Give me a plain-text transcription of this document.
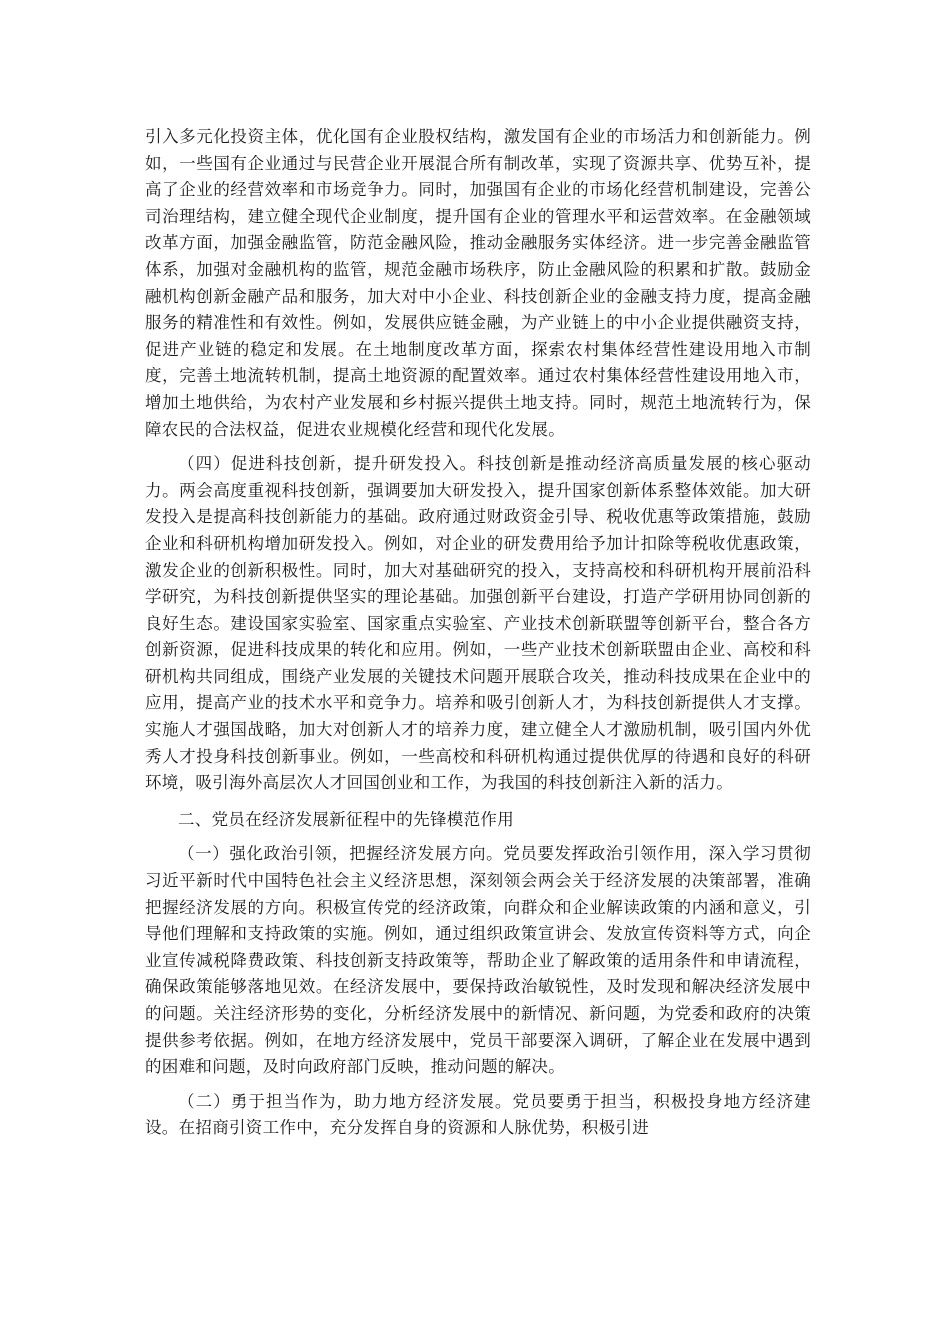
引入多元化投资主体，优化国有企业股权结构，激发国有企业的市场活力和创新能力。例如，一些国有企业通过与民营企业开展混合所有制改革，实现了资源共享、优势互补，提高了企业的经营效率和市场竞争力。同时，加强国有企业的市场化经营机制建设，完善公司治理结构，建立健全现代企业制度，提升国有企业的管理水平和运营效率。在金融领域改革方面，加强金融监管，防范金融风险，推动金融服务实体经济。进一步完善金融监管体系，加强对金融机构的监管，规范金融市场秩序，防止金融风险的积累和扩散。鼓励金融机构创新金融产品和服务，加大对中小企业、科技创新企业的金融支持力度，提高金融服务的精准性和有效性。例如，发展供应链金融，为产业链上的中小企业提供融资支持，促进产业链的稳定和发展。在土地制度改革方面，探索农村集体经营性建设用地入市制度，完善土地流转机制，提高土地资源的配置效率。通过农村集体经营性建设用地入市，增加土地供给，为农村产业发展和乡村振兴提供土地支持。同时，规范土地流转行为，保障农民的合法权益，促进农业规模化经营和现代化发展。

（四）促进科技创新，提升研发投入。科技创新是推动经济高质量发展的核心驱动力。两会高度重视科技创新，强调要加大研发投入，提升国家创新体系整体效能。加大研发投入是提高科技创新能力的基础。政府通过财政资金引导、税收优惠等政策措施，鼓励企业和科研机构增加研发投入。例如，对企业的研发费用给予加计扣除等税收优惠政策，激发企业的创新积极性。同时，加大对基础研究的投入，支持高校和科研机构开展前沿科学研究，为科技创新提供坚实的理论基础。加强创新平台建设，打造产学研用协同创新的良好生态。建设国家实验室、国家重点实验室、产业技术创新联盟等创新平台，整合各方创新资源，促进科技成果的转化和应用。例如，一些产业技术创新联盟由企业、高校和科研机构共同组成，围绕产业发展的关键技术问题开展联合攻关，推动科技成果在企业中的应用，提高产业的技术水平和竞争力。培养和吸引创新人才，为科技创新提供人才支撑。实施人才强国战略，加大对创新人才的培养力度，建立健全人才激励机制，吸引国内外优秀人才投身科技创新事业。例如，一些高校和科研机构通过提供优厚的待遇和良好的科研环境，吸引海外高层次人才回国创业和工作，为我国的科技创新注入新的活力。

二、党员在经济发展新征程中的先锋模范作用

（一）强化政治引领，把握经济发展方向。党员要发挥政治引领作用，深入学习贯彻习近平新时代中国特色社会主义经济思想，深刻领会两会关于经济发展的决策部署，准确把握经济发展的方向。积极宣传党的经济政策，向群众和企业解读政策的内涵和意义，引导他们理解和支持政策的实施。例如，通过组织政策宣讲会、发放宣传资料等方式，向企业宣传减税降费政策、科技创新支持政策等，帮助企业了解政策的适用条件和申请流程，确保政策能够落地见效。在经济发展中，要保持政治敏锐性，及时发现和解决经济发展中的问题。关注经济形势的变化，分析经济发展中的新情况、新问题，为党委和政府的决策提供参考依据。例如，在地方经济发展中，党员干部要深入调研，了解企业在发展中遇到的困难和问题，及时向政府部门反映，推动问题的解决。

（二）勇于担当作为，助力地方经济发展。党员要勇于担当，积极投身地方经济建设。在招商引资工作中，充分发挥自身的资源和人脉优势，积极引进
